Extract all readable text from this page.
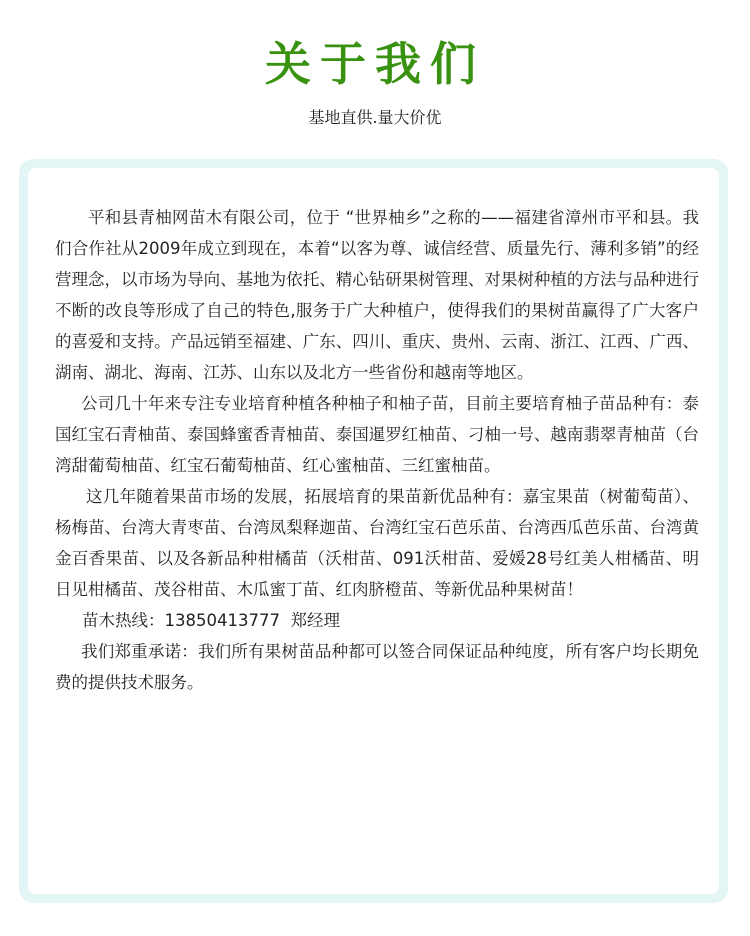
关于我们
基地直供.量大价优

平和县青柚网苗木有限公司，位于 “世界柚乡”之称的——福建省漳州市平和县。我们合作社从2009年成立到现在，本着“以客为尊、诚信经营、质量先行、薄利多销”的经营理念，以市场为导向、基地为依托、精心钻研果树管理、对果树种植的方法与品种进行不断的改良等形成了自己的特色,服务于广大种植户，使得我们的果树苗赢得了广大客户的喜爱和支持。产品远销至福建、广东、四川、重庆、贵州、云南、浙江、江西、广西、湖南、湖北、海南、江苏、山东以及北方一些省份和越南等地区。

公司几十年来专注专业培育种植各种柚子和柚子苗，目前主要培育柚子苗品种有：泰国红宝石青柚苗、泰国蜂蜜香青柚苗、泰国暹罗红柚苗、刁柚一号、越南翡翠青柚苗（台湾甜葡萄柚苗、红宝石葡萄柚苗、红心蜜柚苗、三红蜜柚苗。

这几年随着果苗市场的发展，拓展培育的果苗新优品种有：嘉宝果苗（树葡萄苗）、杨梅苗、台湾大青枣苗、台湾凤梨释迦苗、台湾红宝石芭乐苗、台湾西瓜芭乐苗、台湾黄金百香果苗、以及各新品种柑橘苗（沃柑苗、091沃柑苗、爱媛28号红美人柑橘苗、明日见柑橘苗、茂谷柑苗、木瓜蜜丁苗、红肉脐橙苗、等新优品种果树苗！

苗木热线：13850413777  郑经理

我们郑重承诺：我们所有果树苗品种都可以签合同保证品种纯度，所有客户均长期免费的提供技术服务。
